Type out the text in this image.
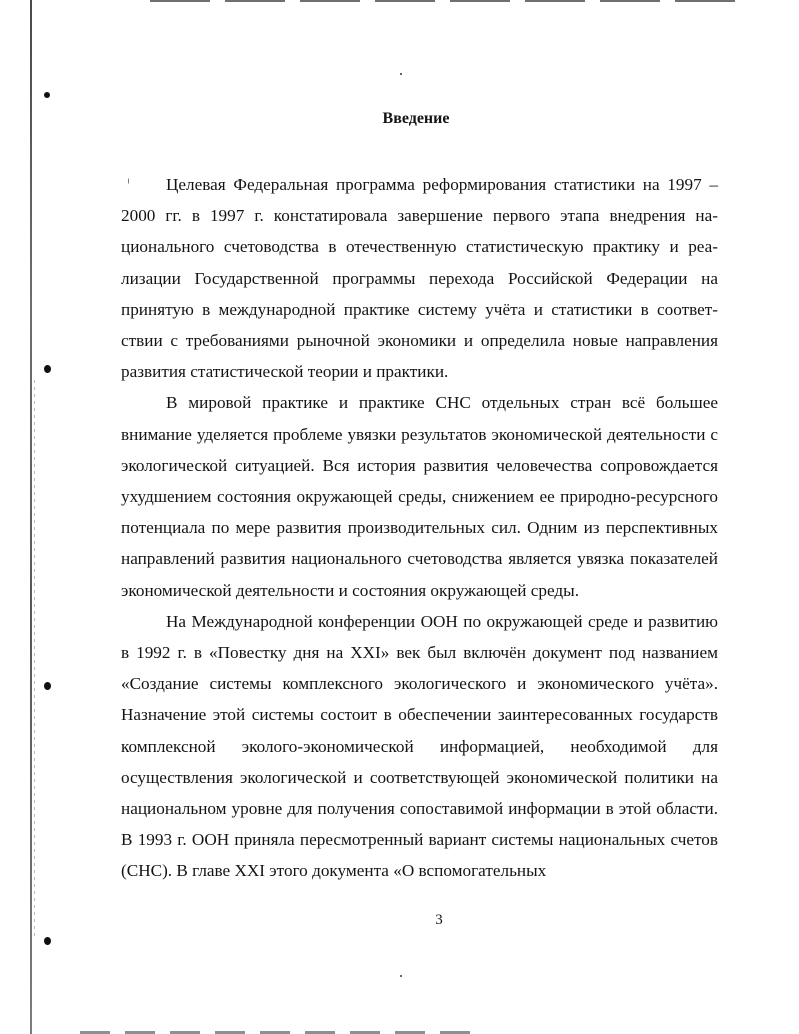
Введение

Целевая Федеральная программа реформирования статистики на 1997 – 2000 гг. в 1997 г. констатировала завершение первого этапа внедрения национального счетоводства в отечественную статистическую практику и реализации Государственной программы перехода Российской Федерации на принятую в международной практике систему учёта и статистики в соответствии с требованиями рыночной экономики и определила новые направления развития статистической теории и практики.

В мировой практике и практике СНС отдельных стран всё большее внимание уделяется проблеме увязки результатов экономической деятельности с экологической ситуацией. Вся история развития человечества сопровождается ухудшением состояния окружающей среды, снижением ее природно-ресурсного потенциала по мере развития производительных сил. Одним из перспективных направлений развития национального счетоводства является увязка показателей экономической деятельности и состояния окружающей среды.

На Международной конференции ООН по окружающей среде и развитию в 1992 г. в «Повестку дня на XXI» век был включён документ под названием «Создание системы комплексного экологического и экономического учёта». Назначение этой системы состоит в обеспечении заинтересованных государств комплексной эколого-экономической информацией, необходимой для осуществления экологической и соответствующей экономической политики на национальном уровне для получения сопоставимой информации в этой области. В 1993 г. ООН приняла пересмотренный вариант системы национальных счетов (СНС). В главе XXI этого документа «О вспомогательных

3
